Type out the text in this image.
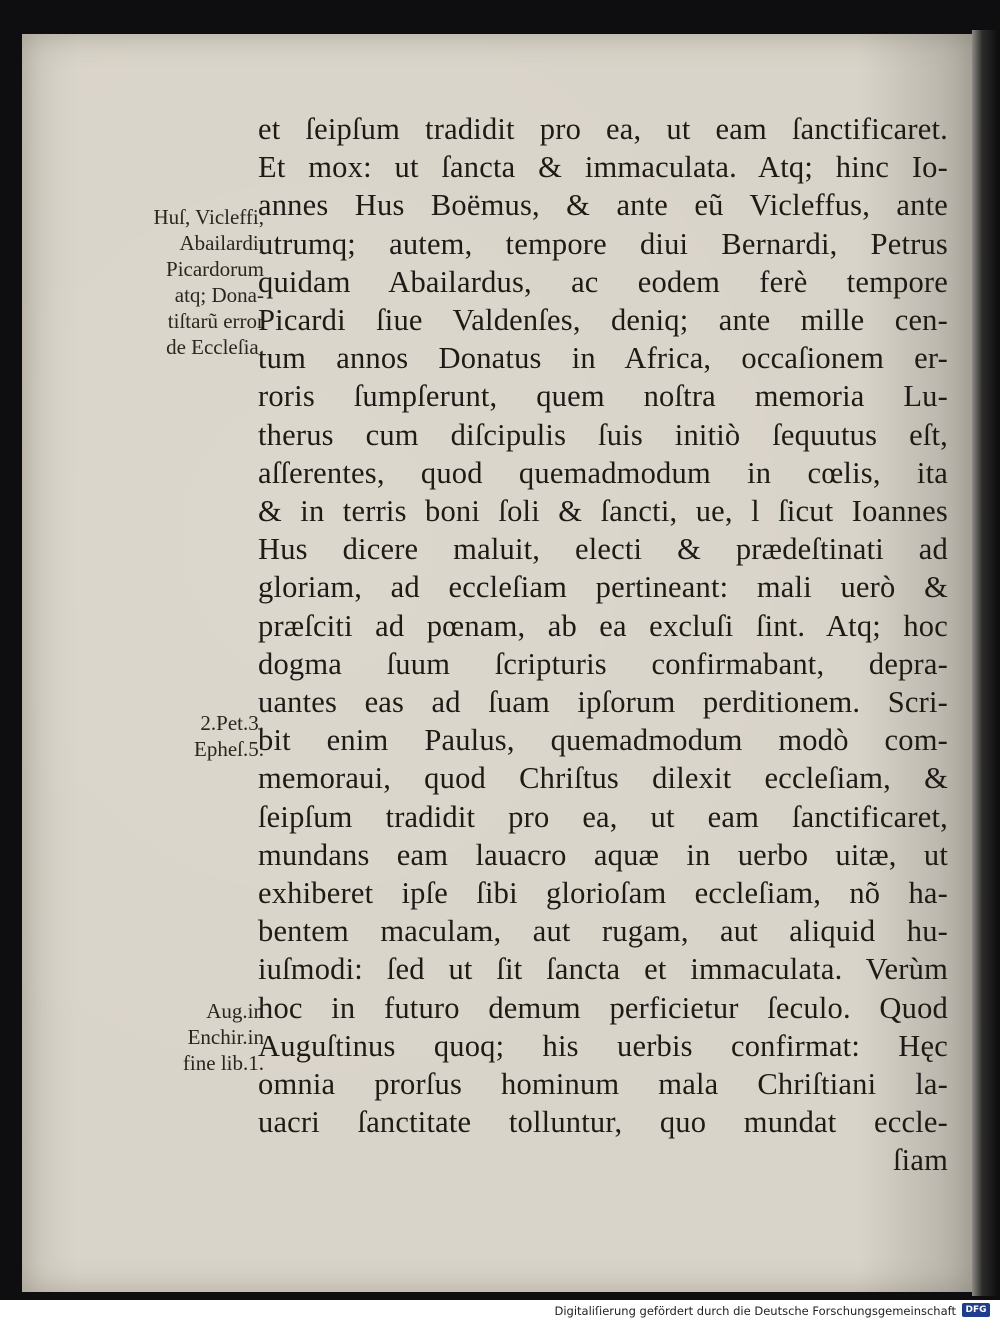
Huſ, Vicleffi,
Abailardi,
Picardorum
atq; Dona-
tiſtarũ error
de Eccleſia.
2.Pet.3.
Epheſ.5.
Aug.in
Enchir.in
fine lib.1.
et ſeipſum tradidit pro ea, ut eam ſanctificaret.
Et mox: ut ſancta & immaculata. Atq; hinc Io-
annes Hus Boëmus, & ante eũ Vicleffus, ante
utrumq; autem, tempore diui Bernardi, Petrus
quidam Abailardus, ac eodem ferè tempore
Picardi ſiue Valdenſes, deniq; ante mille cen-
tum annos Donatus in Africa, occaſionem er-
roris ſumpſerunt, quem noſtra memoria Lu-
therus cum diſcipulis ſuis initiò ſequutus eſt,
aſſerentes, quod quemadmodum in cœlis, ita
& in terris boni ſoli & ſancti, ue, l ſicut Ioannes
Hus dicere maluit, electi & prædeſtinati ad
gloriam, ad eccleſiam pertineant: mali uerò &
præſciti ad pœnam, ab ea excluſi ſint. Atq; hoc
dogma ſuum ſcripturis confirmabant, depra-
uantes eas ad ſuam ipſorum perditionem. Scri-
bit enim Paulus, quemadmodum modò com-
memoraui, quod Chriſtus dilexit eccleſiam, &
ſeipſum tradidit pro ea, ut eam ſanctificaret,
mundans eam lauacro aquæ in uerbo uitæ, ut
exhiberet ipſe ſibi glorioſam eccleſiam, nõ ha-
bentem maculam, aut rugam, aut aliquid hu-
iuſmodi: ſed ut ſit ſancta et immaculata. Verùm
hoc in futuro demum perficietur ſeculo. Quod
Auguſtinus quoq; his uerbis confirmat: Hęc
omnia prorſus hominum mala Chriſtiani la-
uacri ſanctitate tolluntur, quo mundat eccle-
ſiam
Digitaliſierung gefördert durch die Deutsche Forschungsgemeinschaft	DFG
